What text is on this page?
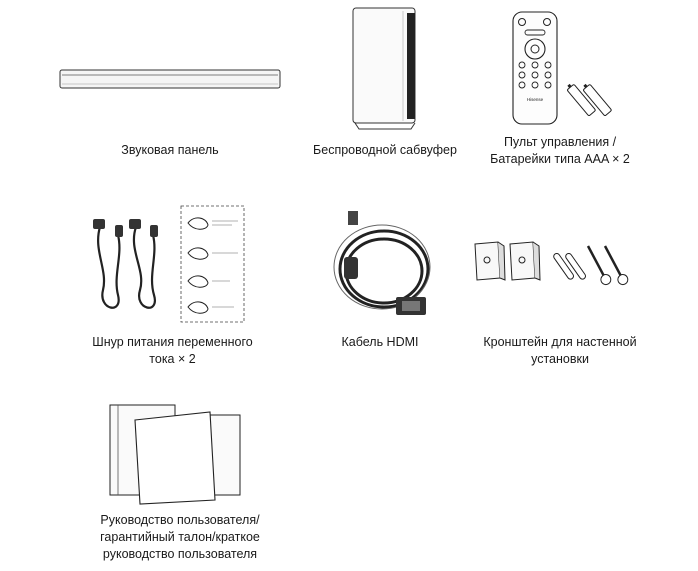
Звуковая панель	Беспроводной сабвуфер
Hisense
Пульт управления /
Батарейки типа AAA × 2
Шнур питания переменного
тока × 2
Кабель HDMI	Кронштейн для настенной
установки
Руководство пользователя/
гарантийный талон/краткое
руководство пользователя
